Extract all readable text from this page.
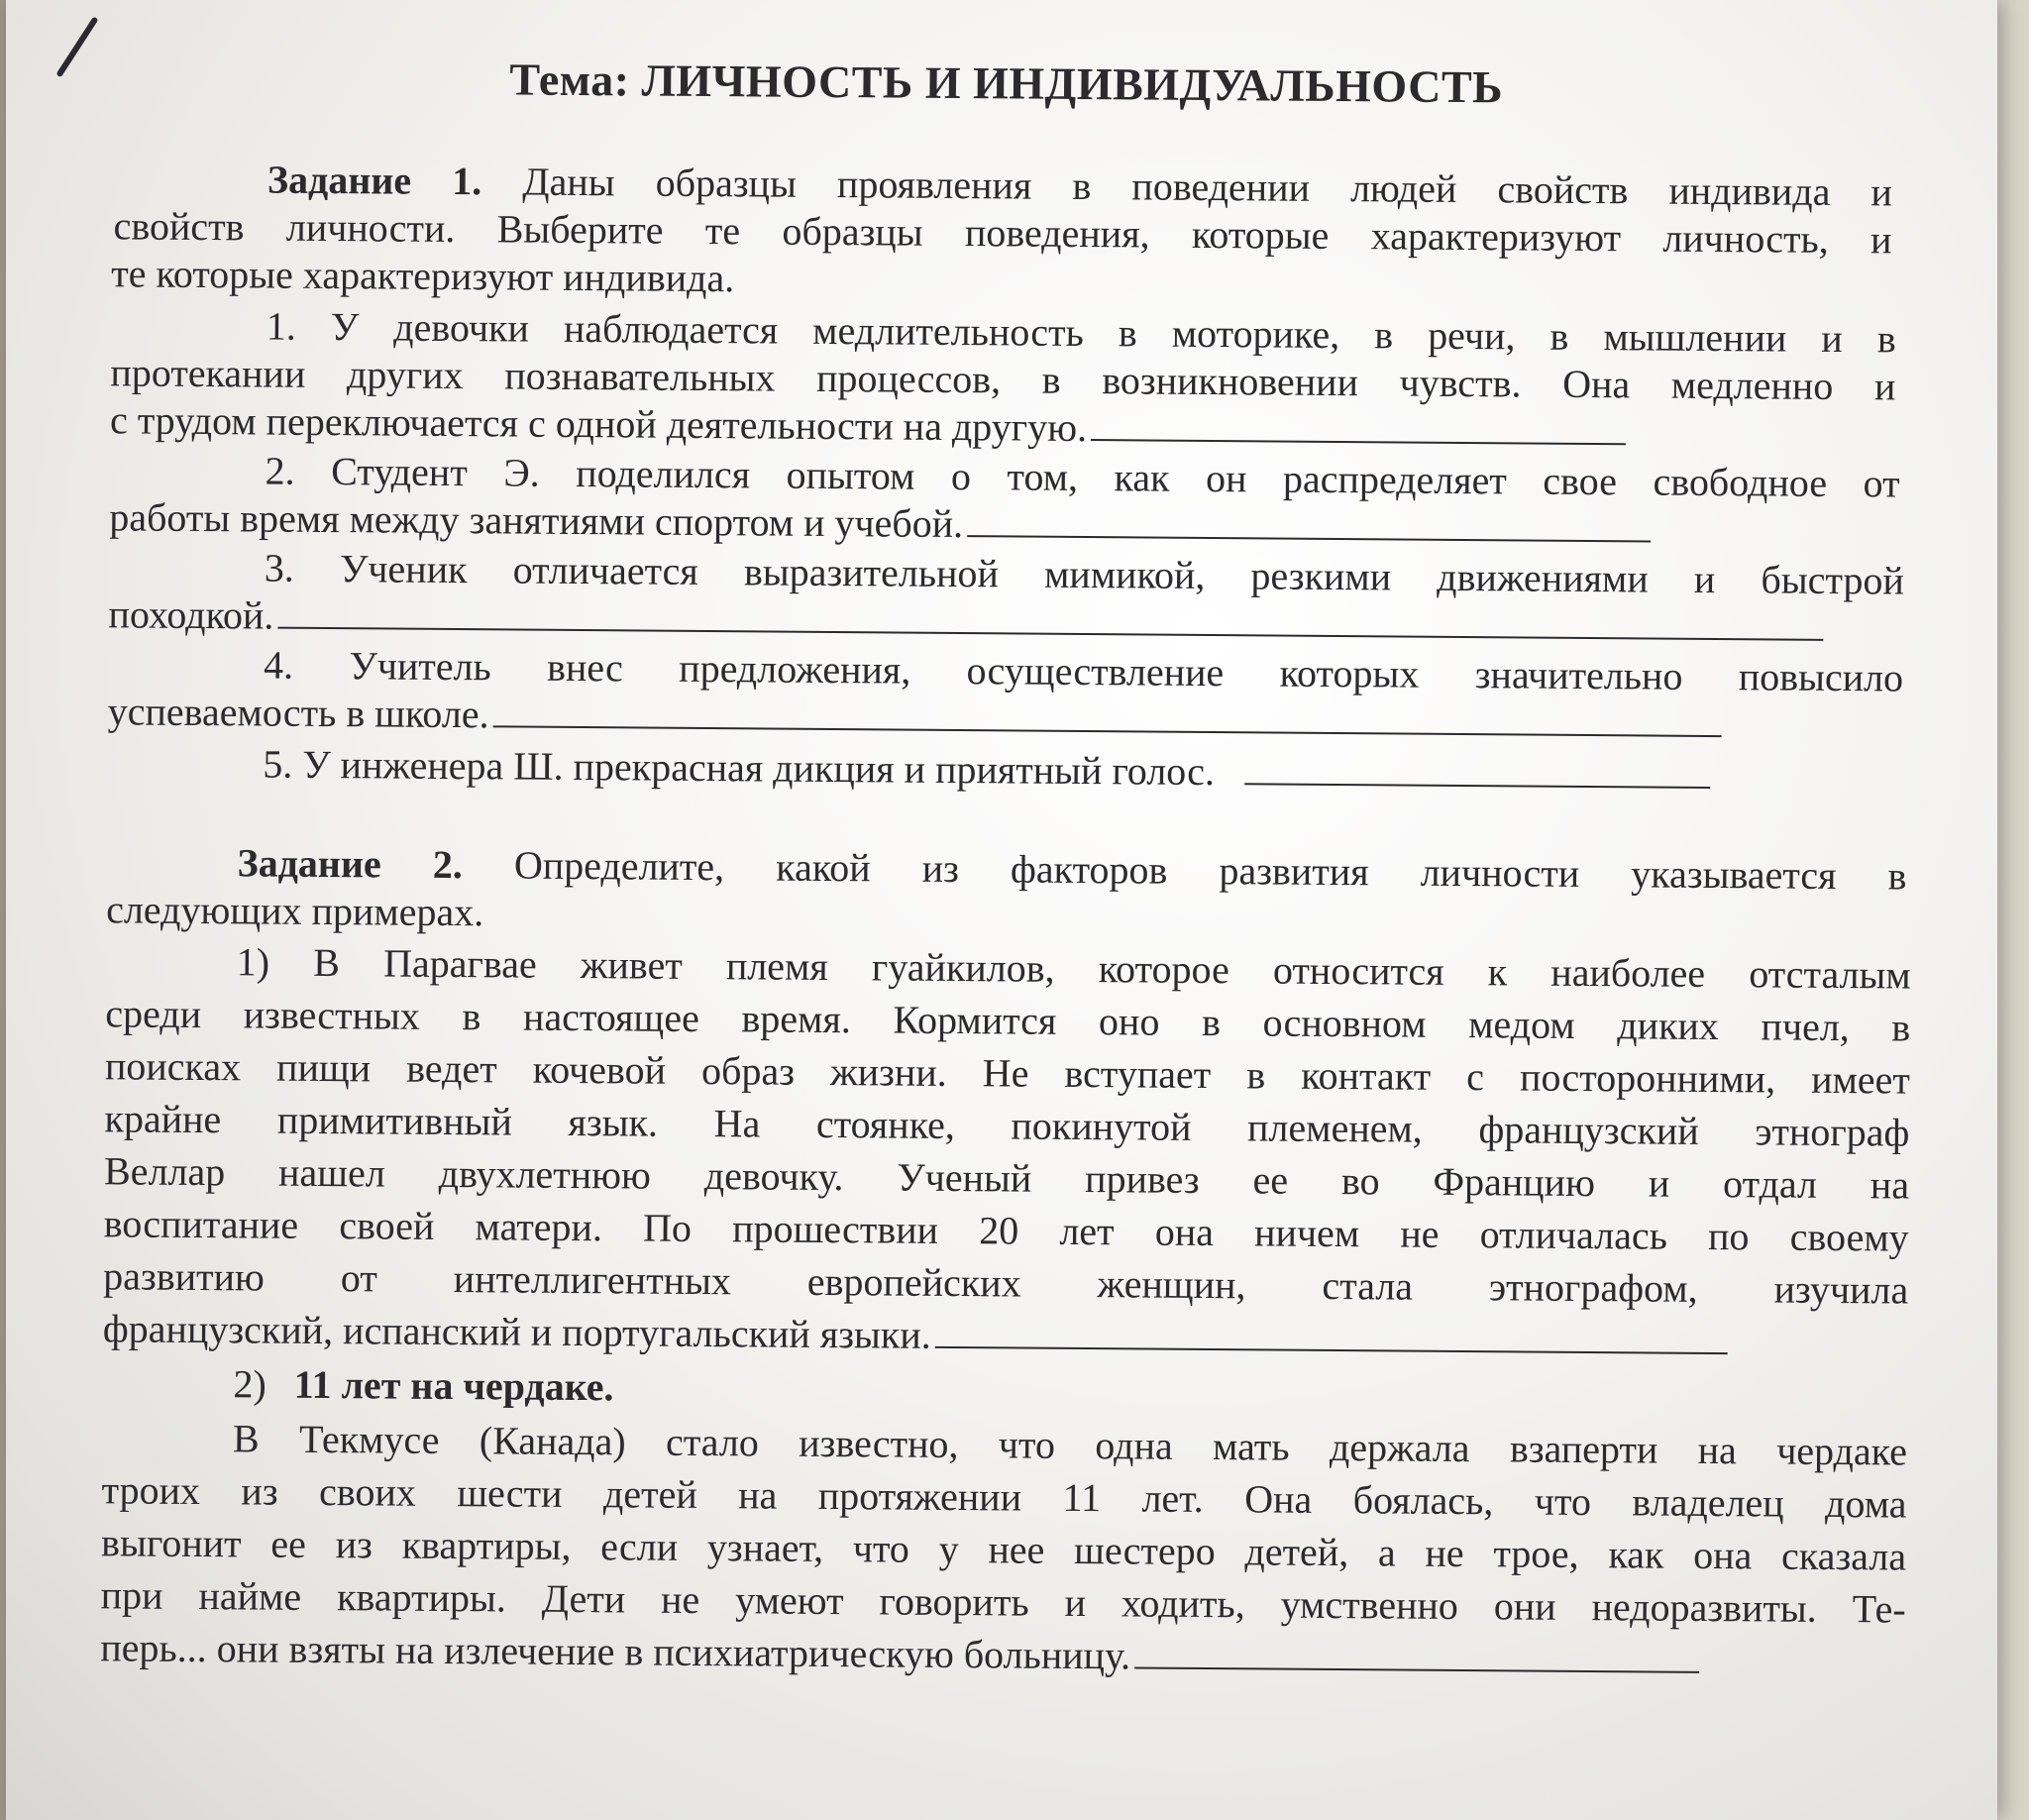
Тема: ЛИЧНОСТЬ И ИНДИВИДУАЛЬНОСТЬ
Задание 1. Даны образцы проявления в поведении людей свойств индивида и
свойств личности. Выберите те образцы поведения, которые характеризуют личность, и
те которые характеризуют индивида.
1. У девочки наблюдается медлительность в моторике, в речи, в мышлении и в
протекании других познавательных процессов, в возникновении чувств. Она медленно и
с трудом переключается с одной деятельности на другую.
2. Студент Э. поделился опытом о том, как он распределяет свое свободное от
работы время между занятиями спортом и учебой.
3. Ученик отличается выразительной мимикой, резкими движениями и быстрой
походкой.
4. Учитель внес предложения, осуществление которых значительно повысило
успеваемость в школе.
5. У инженера Ш. прекрасная дикция и приятный голос.
Задание 2. Определите, какой из факторов развития личности указывается в
следующих примерах.
1) В Парагвае живет племя гуайкилов, которое относится к наиболее отсталым
среди известных в настоящее время. Кормится оно в основном медом диких пчел, в
поисках пищи ведет кочевой образ жизни. Не вступает в контакт с посторонними, имеет
крайне примитивный язык. На стоянке, покинутой племенем, французский этнограф
Веллар нашел двухлетнюю девочку. Ученый привез ее во Францию и отдал на
воспитание своей матери. По прошествии 20 лет она ничем не отличалась по своему
развитию от интеллигентных европейских женщин, стала этнографом, изучила
французский, испанский и португальский языки.
2) 11 лет на чердаке.
В Текмусе (Канада) стало известно, что одна мать держала взаперти на чердаке
троих из своих шести детей на протяжении 11 лет. Она боялась, что владелец дома
выгонит ее из квартиры, если узнает, что у нее шестеро детей, а не трое, как она сказала
при найме квартиры. Дети не умеют говорить и ходить, умственно они недоразвиты. Те-
перь... они взяты на излечение в психиатрическую больницу.
